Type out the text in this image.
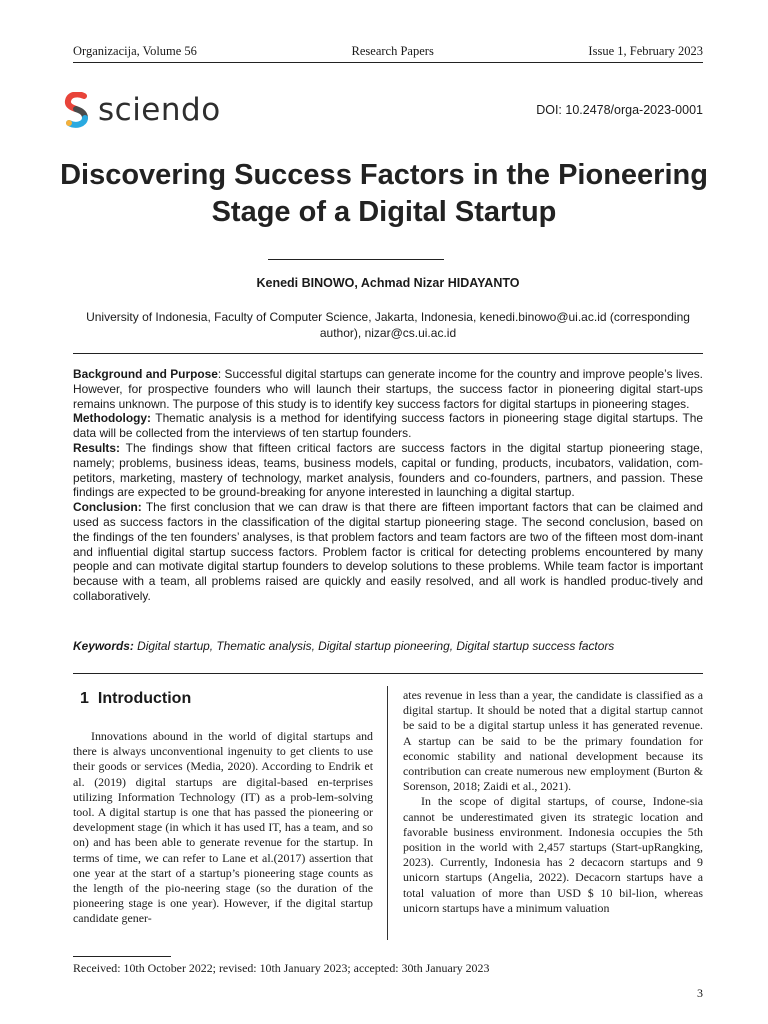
Organizacija, Volume 56	Research Papers	Issue 1, February 2023
sciendo	DOI: 10.2478/orga-2023-0001
Discovering Success Factors in the Pioneering Stage of a Digital Startup
Kenedi BINOWO, Achmad Nizar HIDAYANTO
University of Indonesia, Faculty of Computer Science, Jakarta, Indonesia, kenedi.binowo@ui.ac.id (corresponding author), nizar@cs.ui.ac.id

Background and Purpose: Successful digital startups can generate income for the country and improve people’s lives. However, for prospective founders who will launch their startups, the success factor in pioneering digital start-ups remains unknown. The purpose of this study is to identify key success factors for digital startups in pioneering stages.

Methodology: Thematic analysis is a method for identifying success factors in pioneering stage digital startups. The data will be collected from the interviews of ten startup founders.

Results: The findings show that fifteen critical factors are success factors in the digital startup pioneering stage, namely; problems, business ideas, teams, business models, capital or funding, products, incubators, validation, com-petitors, marketing, mastery of technology, market analysis, founders and co-founders, partners, and passion. These findings are expected to be ground-breaking for anyone interested in launching a digital startup.

Conclusion: The first conclusion that we can draw is that there are fifteen important factors that can be claimed and used as success factors in the classification of the digital startup pioneering stage. The second conclusion, based on the findings of the ten founders’ analyses, is that problem factors and team factors are two of the fifteen most dom-inant and influential digital startup success factors. Problem factor is critical for detecting problems encountered by many people and can motivate digital startup founders to develop solutions to these problems. While team factor is important because with a team, all problems raised are quickly and easily resolved, and all work is handled produc-tively and collaboratively.

Keywords: Digital startup, Thematic analysis, Digital startup pioneering, Digital startup success factors
1 Introduction

Innovations abound in the world of digital startups and there is always unconventional ingenuity to get clients to use their goods or services (Media, 2020). According to Endrik et al. (2019) digital startups are digital-based en-terprises utilizing Information Technology (IT) as a prob-lem-solving tool. A digital startup is one that has passed the pioneering or development stage (in which it has used IT, has a team, and so on) and has been able to generate revenue for the startup. In terms of time, we can refer to Lane et al.(2017) assertion that one year at the start of a startup’s pioneering stage counts as the length of the pio-neering stage (so the duration of the pioneering stage is one year). However, if the digital startup candidate gener-

ates revenue in less than a year, the candidate is classified as a digital startup. It should be noted that a digital startup cannot be said to be a digital startup unless it has generated revenue. A startup can be said to be the primary foundation for economic stability and national development because its contribution can create numerous new employment (Burton & Sorenson, 2018; Zaidi et al., 2021).

In the scope of digital startups, of course, Indone-sia cannot be underestimated given its strategic location and favorable business environment. Indonesia occupies the 5th position in the world with 2,457 startups (Start-upRangking, 2023). Currently, Indonesia has 2 decacorn startups and 9 unicorn startups (Angelia, 2022). Decacorn startups have a total valuation of more than USD $ 10 bil-lion, whereas unicorn startups have a minimum valuation

Received: 10th October 2022; revised: 10th January 2023; accepted: 30th January 2023
3
